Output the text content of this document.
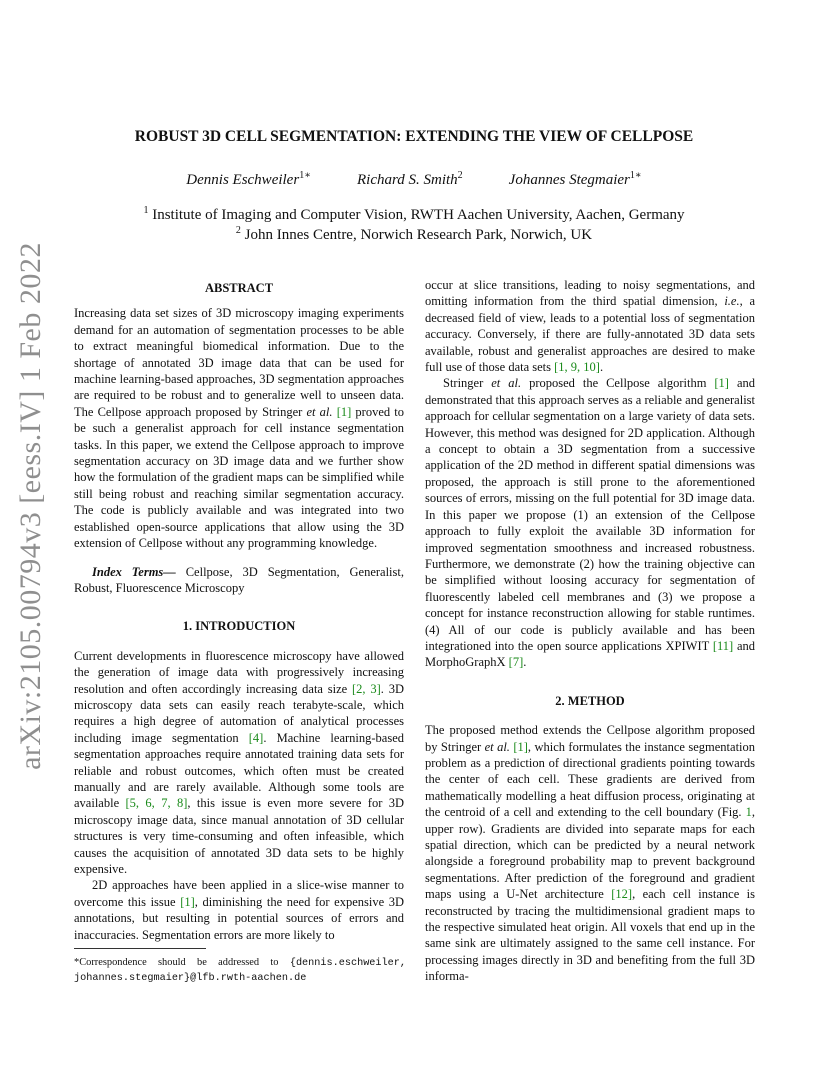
arXiv:2105.00794v3 [eess.IV] 1 Feb 2022
ROBUST 3D CELL SEGMENTATION: EXTENDING THE VIEW OF CELLPOSE
Dennis Eschweiler$^{1∗}$	Richard S. Smith$^2$	Johannes Stegmaier$^{1∗}$
$^1$ Institute of Imaging and Computer Vision, RWTH Aachen University, Aachen, Germany
$^2$ John Innes Centre, Norwich Research Park, Norwich, UK

ABSTRACT

Increasing data set sizes of 3D microscopy imaging experiments demand for an automation of segmentation processes to be able to extract meaningful biomedical information. Due to the shortage of annotated 3D image data that can be used for machine learning-based approaches, 3D segmentation approaches are required to be robust and to generalize well to unseen data. The Cellpose approach proposed by Stringer et al. [1] proved to be such a generalist approach for cell instance segmentation tasks. In this paper, we extend the Cellpose approach to improve segmentation accuracy on 3D image data and we further show how the formulation of the gradient maps can be simplified while still being robust and reaching similar segmentation accuracy. The code is publicly available and was integrated into two established open-source applications that allow using the 3D extension of Cellpose without any programming knowledge.

Index Terms— Cellpose, 3D Segmentation, Generalist, Robust, Fluorescence Microscopy

1. INTRODUCTION

Current developments in fluorescence microscopy have allowed the generation of image data with progressively increasing resolution and often accordingly increasing data size [2, 3]. 3D microscopy data sets can easily reach terabyte-scale, which requires a high degree of automation of analytical processes including image segmentation [4]. Machine learning-based segmentation approaches require annotated training data sets for reliable and robust outcomes, which often must be created manually and are rarely available. Although some tools are available [5, 6, 7, 8], this issue is even more severe for 3D microscopy image data, since manual annotation of 3D cellular structures is very time-consuming and often infeasible, which causes the acquisition of annotated 3D data sets to be highly expensive.

2D approaches have been applied in a slice-wise manner to overcome this issue [1], diminishing the need for expensive 3D annotations, but resulting in potential sources of errors and inaccuracies. Segmentation errors are more likely to

*Correspondence should be addressed to {dennis.eschweiler, johannes.stegmaier}@lfb.rwth-aachen.de

occur at slice transitions, leading to noisy segmentations, and omitting information from the third spatial dimension, i.e., a decreased field of view, leads to a potential loss of segmentation accuracy. Conversely, if there are fully-annotated 3D data sets available, robust and generalist approaches are desired to make full use of those data sets [1, 9, 10].

Stringer et al. proposed the Cellpose algorithm [1] and demonstrated that this approach serves as a reliable and generalist approach for cellular segmentation on a large variety of data sets. However, this method was designed for 2D application. Although a concept to obtain a 3D segmentation from a successive application of the 2D method in different spatial dimensions was proposed, the approach is still prone to the aforementioned sources of errors, missing on the full potential for 3D image data. In this paper we propose (1) an extension of the Cellpose approach to fully exploit the available 3D information for improved segmentation smoothness and increased robustness. Furthermore, we demonstrate (2) how the training objective can be simplified without loosing accuracy for segmentation of fluorescently labeled cell membranes and (3) we propose a concept for instance reconstruction allowing for stable runtimes. (4) All of our code is publicly available and has been integrationed into the open source applications XPIWIT [11] and MorphoGraphX [7].

2. METHOD

The proposed method extends the Cellpose algorithm proposed by Stringer et al. [1], which formulates the instance segmentation problem as a prediction of directional gradients pointing towards the center of each cell. These gradients are derived from mathematically modelling a heat diffusion process, originating at the centroid of a cell and extending to the cell boundary (Fig. 1, upper row). Gradients are divided into separate maps for each spatial direction, which can be predicted by a neural network alongside a foreground probability map to prevent background segmentations. After prediction of the foreground and gradient maps using a U-Net architecture [12], each cell instance is reconstructed by tracing the multidimensional gradient maps to the respective simulated heat origin. All voxels that end up in the same sink are ultimately assigned to the same cell instance. For processing images directly in 3D and benefiting from the full 3D informa-
